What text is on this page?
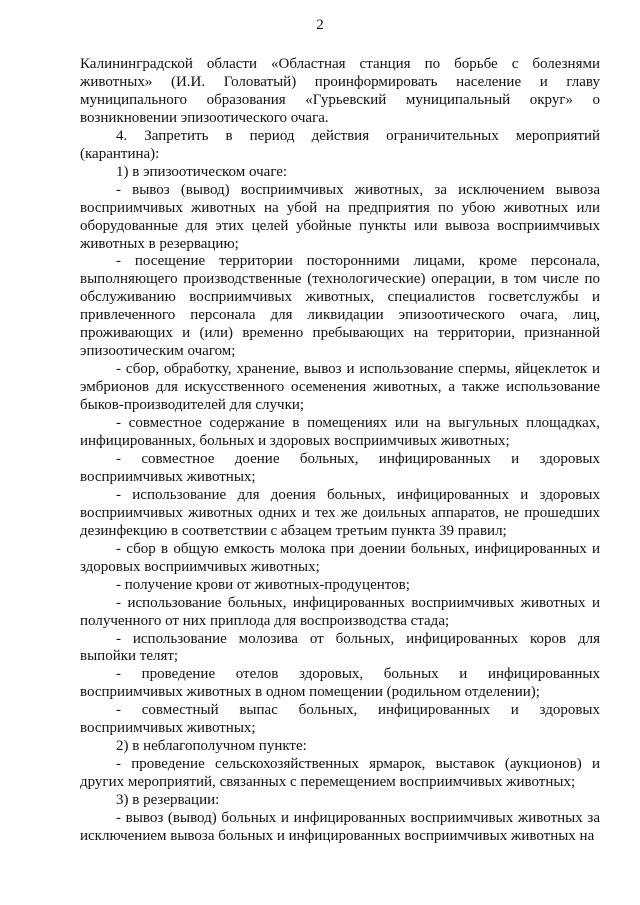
2

Калининградской области «Областная станция по борьбе с болезнями животных» (И.И. Головатый) проинформировать население и главу муниципального образования «Гурьевский муниципальный округ» о возникновении эпизоотического очага.

4. Запретить в период действия ограничительных мероприятий (карантина):

1) в эпизоотическом очаге:

- вывоз (вывод) восприимчивых животных, за исключением вывоза восприимчивых животных на убой на предприятия по убою животных или оборудованные для этих целей убойные пункты или вывоза восприимчивых животных в резервацию;

- посещение территории посторонними лицами, кроме персонала, выполняющего производственные (технологические) операции, в том числе по обслуживанию восприимчивых животных, специалистов госветслужбы и привлеченного персонала для ликвидации эпизоотического очага, лиц, проживающих и (или) временно пребывающих на территории, признанной эпизоотическим очагом;

- сбор, обработку, хранение, вывоз и использование спермы, яйцеклеток и эмбрионов для искусственного осеменения животных, а также использование быков-производителей для случки;

- совместное содержание в помещениях или на выгульных площадках, инфицированных, больных и здоровых восприимчивых животных;

- совместное доение больных, инфицированных и здоровых восприимчивых животных;

- использование для доения больных, инфицированных и здоровых восприимчивых животных одних и тех же доильных аппаратов, не прошедших дезинфекцию в соответствии с абзацем третьим пункта 39 правил;

- сбор в общую емкость молока при доении больных, инфицированных и здоровых восприимчивых животных;

- получение крови от животных-продуцентов;

- использование больных, инфицированных восприимчивых животных и полученного от них приплода для воспроизводства стада;

- использование молозива от больных, инфицированных коров для выпойки телят;

- проведение отелов здоровых, больных и инфицированных восприимчивых животных в одном помещении (родильном отделении);

- совместный выпас больных, инфицированных и здоровых восприимчивых животных;

2) в неблагополучном пункте:

- проведение сельскохозяйственных ярмарок, выставок (аукционов) и других мероприятий, связанных с перемещением восприимчивых животных;

3) в резервации:

- вывоз (вывод) больных и инфицированных восприимчивых животных за исключением вывоза больных и инфицированных восприимчивых животных на
